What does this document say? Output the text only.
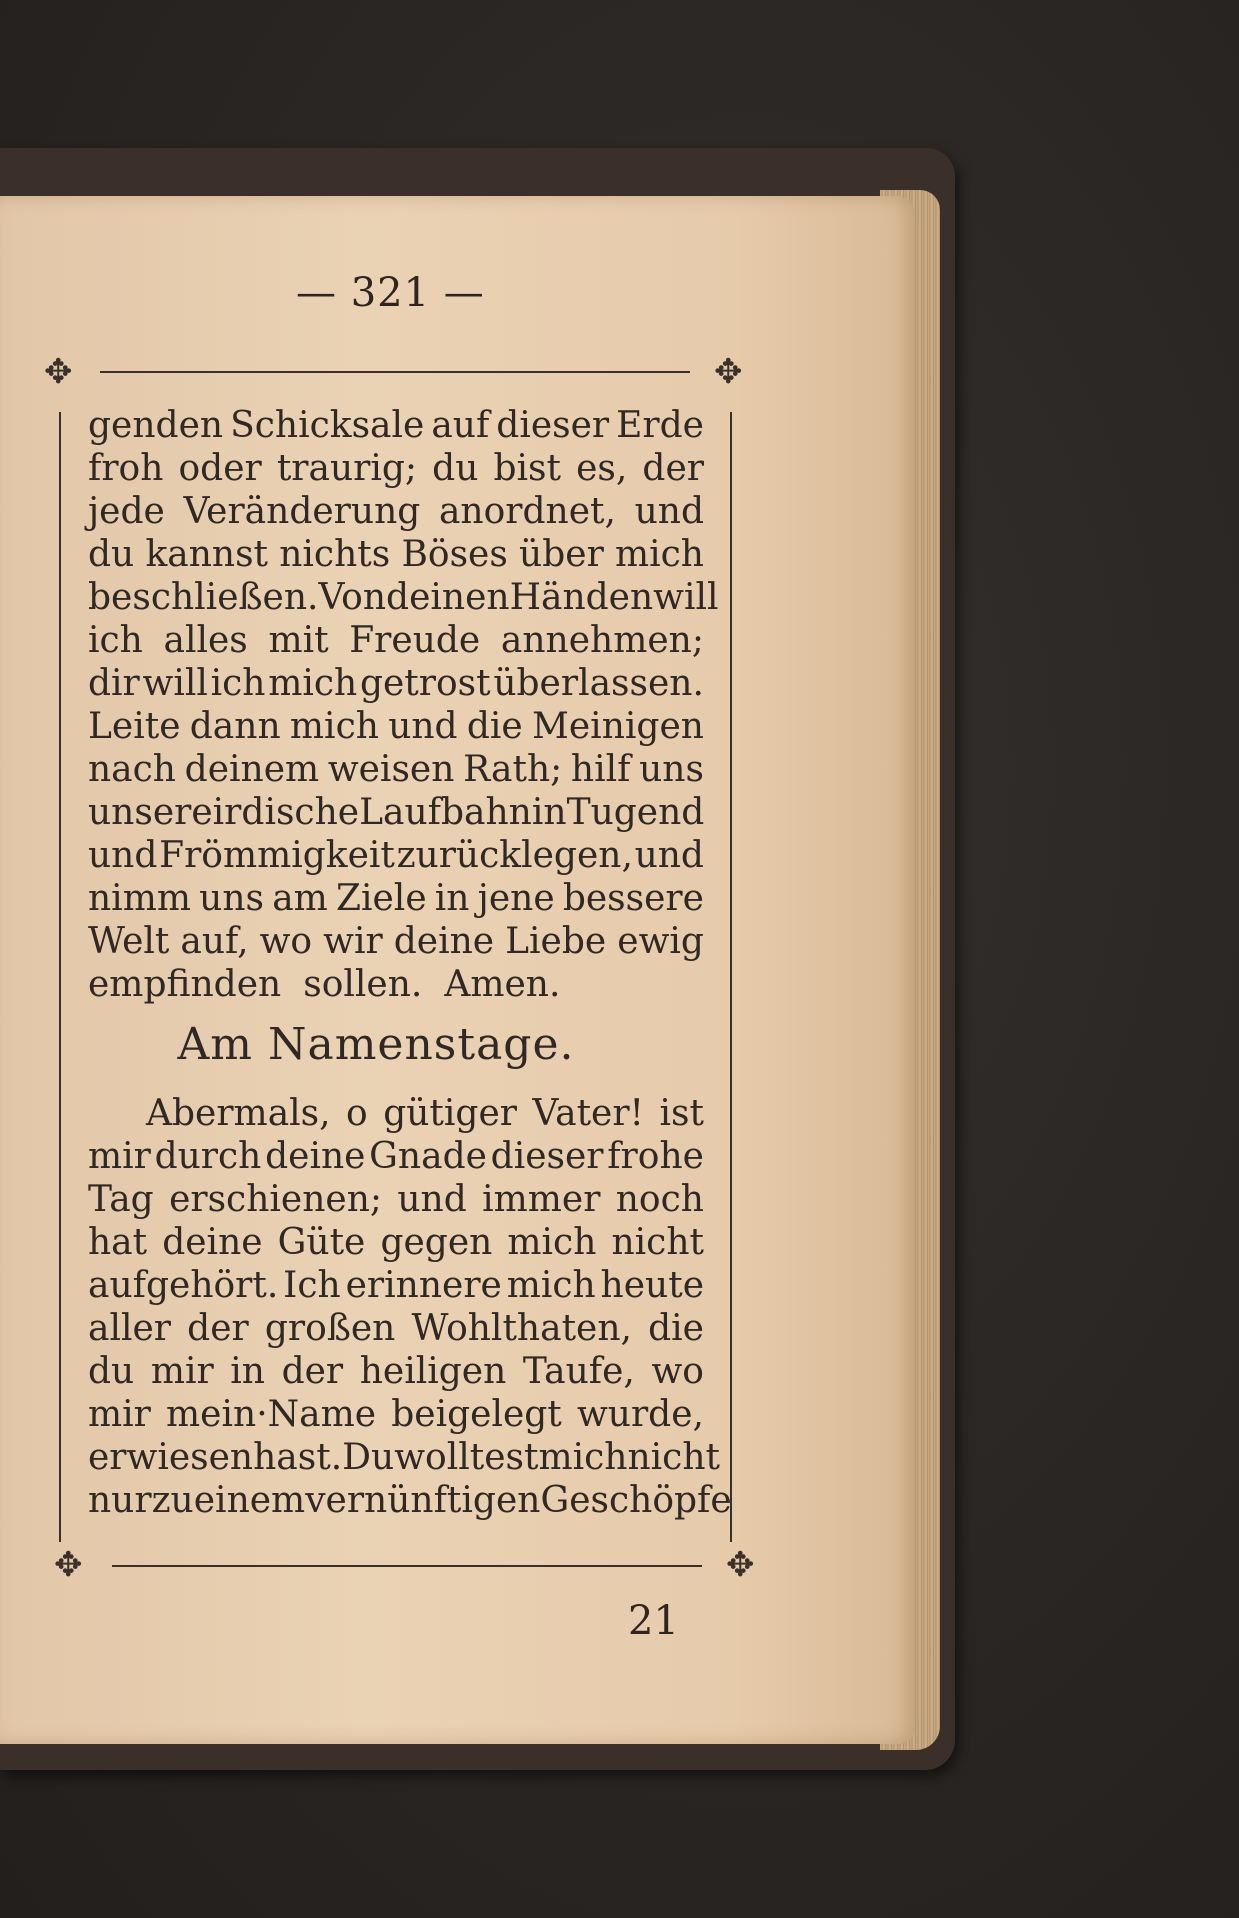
— 321 —
✥	✥
✥	✥
genden Schicksale auf dieser Erde
froh oder traurig; du bist es, der
jede Veränderung anordnet, und
du kannst nichts Böses über mich
beschließen. Von deinen Händen will
ich alles mit Freude annehmen;
dir will ich mich getrost überlassen.
Leite dann mich und die Meinigen
nach deinem weisen Rath; hilf uns
unsere irdische Laufbahn in Tugend
und Frömmigkeit zurücklegen, und
nimm uns am Ziele in jene bessere
Welt auf, wo wir deine Liebe ewig
empfinden sollen. Amen.
Am Namenstage.
Abermals, o gütiger Vater! ist
mir durch deine Gnade dieser frohe
Tag erschienen; und immer noch
hat deine Güte gegen mich nicht
aufgehört. Ich erinnere mich heute
aller der großen Wohlthaten, die
du mir in der heiligen Taufe, wo
mir mein·Name beigelegt wurde,
erwiesen hast. Du wolltest mich nicht
nur zu einem vernünftigen Geschöpfe
21
